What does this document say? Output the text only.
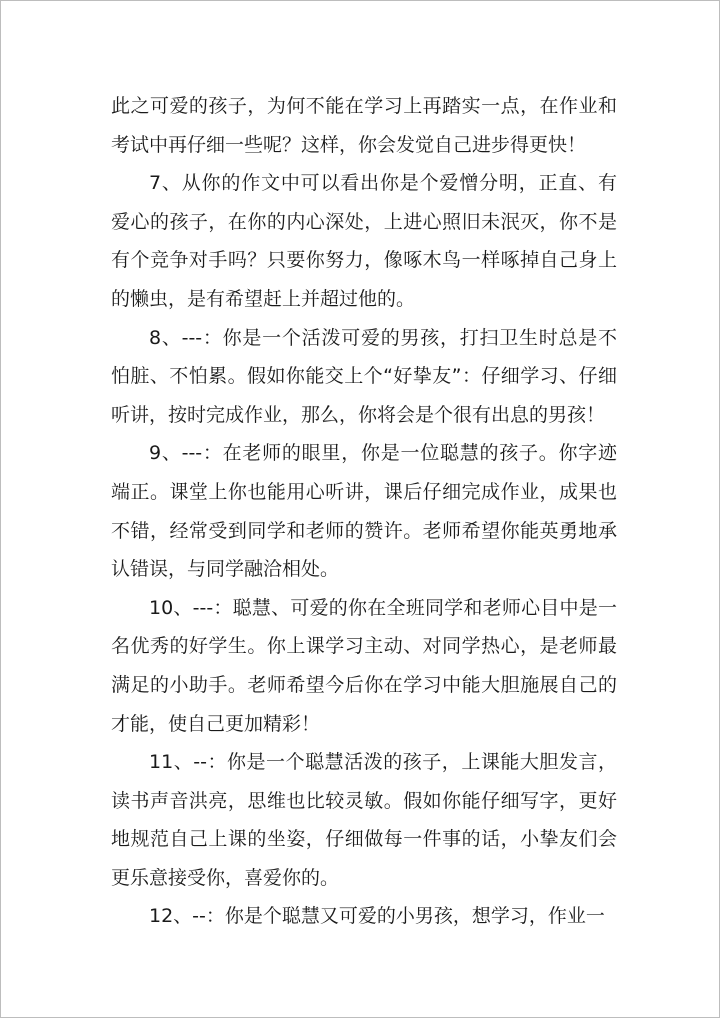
此之可爱的孩子，为何不能在学习上再踏实一点，在作业和考试中再仔细一些呢？这样，你会发觉自己进步得更快！

7、从你的作文中可以看出你是个爱憎分明，正直、有爱心的孩子，在你的内心深处，上进心照旧未泯灭，你不是有个竞争对手吗？只要你努力，像啄木鸟一样啄掉自己身上的懒虫，是有希望赶上并超过他的。

8、---：你是一个活泼可爱的男孩，打扫卫生时总是不怕脏、不怕累。假如你能交上个“好挚友”：仔细学习、仔细听讲，按时完成作业，那么，你将会是个很有出息的男孩！

9、---：在老师的眼里，你是一位聪慧的孩子。你字迹端正。课堂上你也能用心听讲，课后仔细完成作业，成果也不错，经常受到同学和老师的赞许。老师希望你能英勇地承认错误，与同学融洽相处。

10、---：聪慧、可爱的你在全班同学和老师心目中是一名优秀的好学生。你上课学习主动、对同学热心，是老师最满足的小助手。老师希望今后你在学习中能大胆施展自己的才能，使自己更加精彩！

11、--：你是一个聪慧活泼的孩子，上课能大胆发言，读书声音洪亮，思维也比较灵敏。假如你能仔细写字，更好地规范自己上课的坐姿，仔细做每一件事的话，小挚友们会更乐意接受你，喜爱你的。

12、--：你是个聪慧又可爱的小男孩，想学习，作业一
